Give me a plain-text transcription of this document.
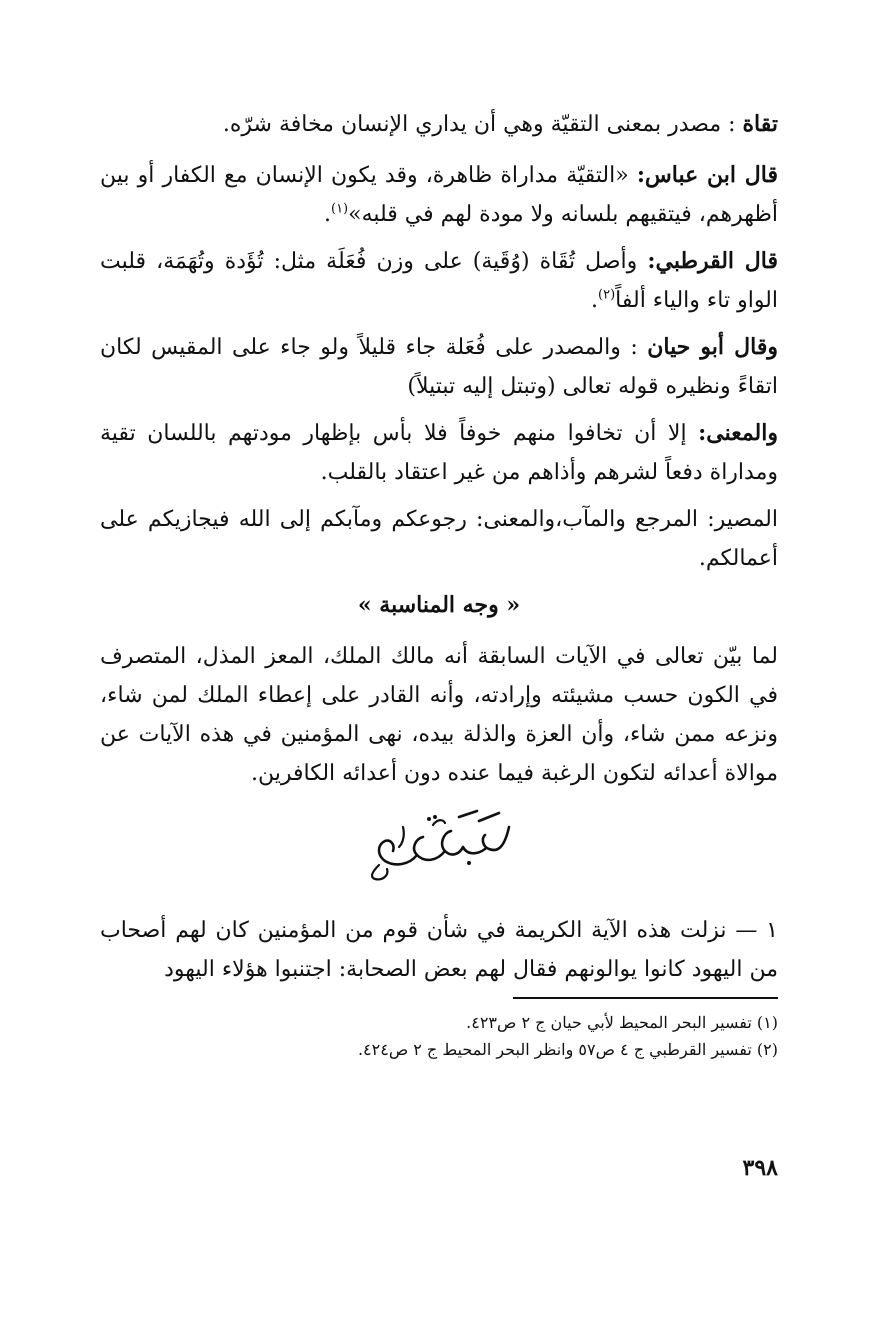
تقاة : مصدر بمعنى التقيّة وهي أن يداري الإنسان مخافة شرّه.

قال ابن عباس: «التقيّة مداراة ظاهرة، وقد يكون الإنسان مع الكفار أو بين أظهرهم، فيتقيهم بلسانه ولا مودة لهم في قلبه»$^{(١)}$.

قال القرطبي: وأصل تُقَاة (وُقَية) على وزن فُعَلَة مثل: تُؤَدة وتُهَمَة، قلبت الواو تاء والياء ألفاً$^{(٢)}$.

وقال أبو حيان : والمصدر على فُعَلة جاء قليلاً ولو جاء على المقيس لكان اتقاءً ونظيره قوله تعالى (وتبتل إليه تبتيلاً)

والمعنى: إلا أن تخافوا منهم خوفاً فلا بأس بإظهار مودتهم باللسان تقية ومداراة دفعاً لشرهم وأذاهم من غير اعتقاد بالقلب.

المصير: المرجع والمآب،والمعنى: رجوعكم ومآبكم إلى الله فيجازيكم على أعمالكم.

« وجه المناسبة »

لما بيّن تعالى في الآيات السابقة أنه مالك الملك، المعز المذل، المتصرف في الكون حسب مشيئته وإرادته، وأنه القادر على إعطاء الملك لمن شاء، ونزعه ممن شاء، وأن العزة والذلة بيده، نهى المؤمنين في هذه الآيات عن موالاة أعدائه لتكون الرغبة فيما عنده دون أعدائه الكافرين.

١ — نزلت هذه الآية الكريمة في شأن قوم من المؤمنين كان لهم أصحاب من اليهود كانوا يوالونهم فقال لهم بعض الصحابة: اجتنبوا هؤلاء اليهود

(١) تفسير البحر المحيط لأبي حيان ج ٢ ص٤٢٣.
(٢) تفسير القرطبي ج ٤ ص٥٧ وانظر البحر المحيط ج ٢ ص٤٢٤.
٣٩٨
